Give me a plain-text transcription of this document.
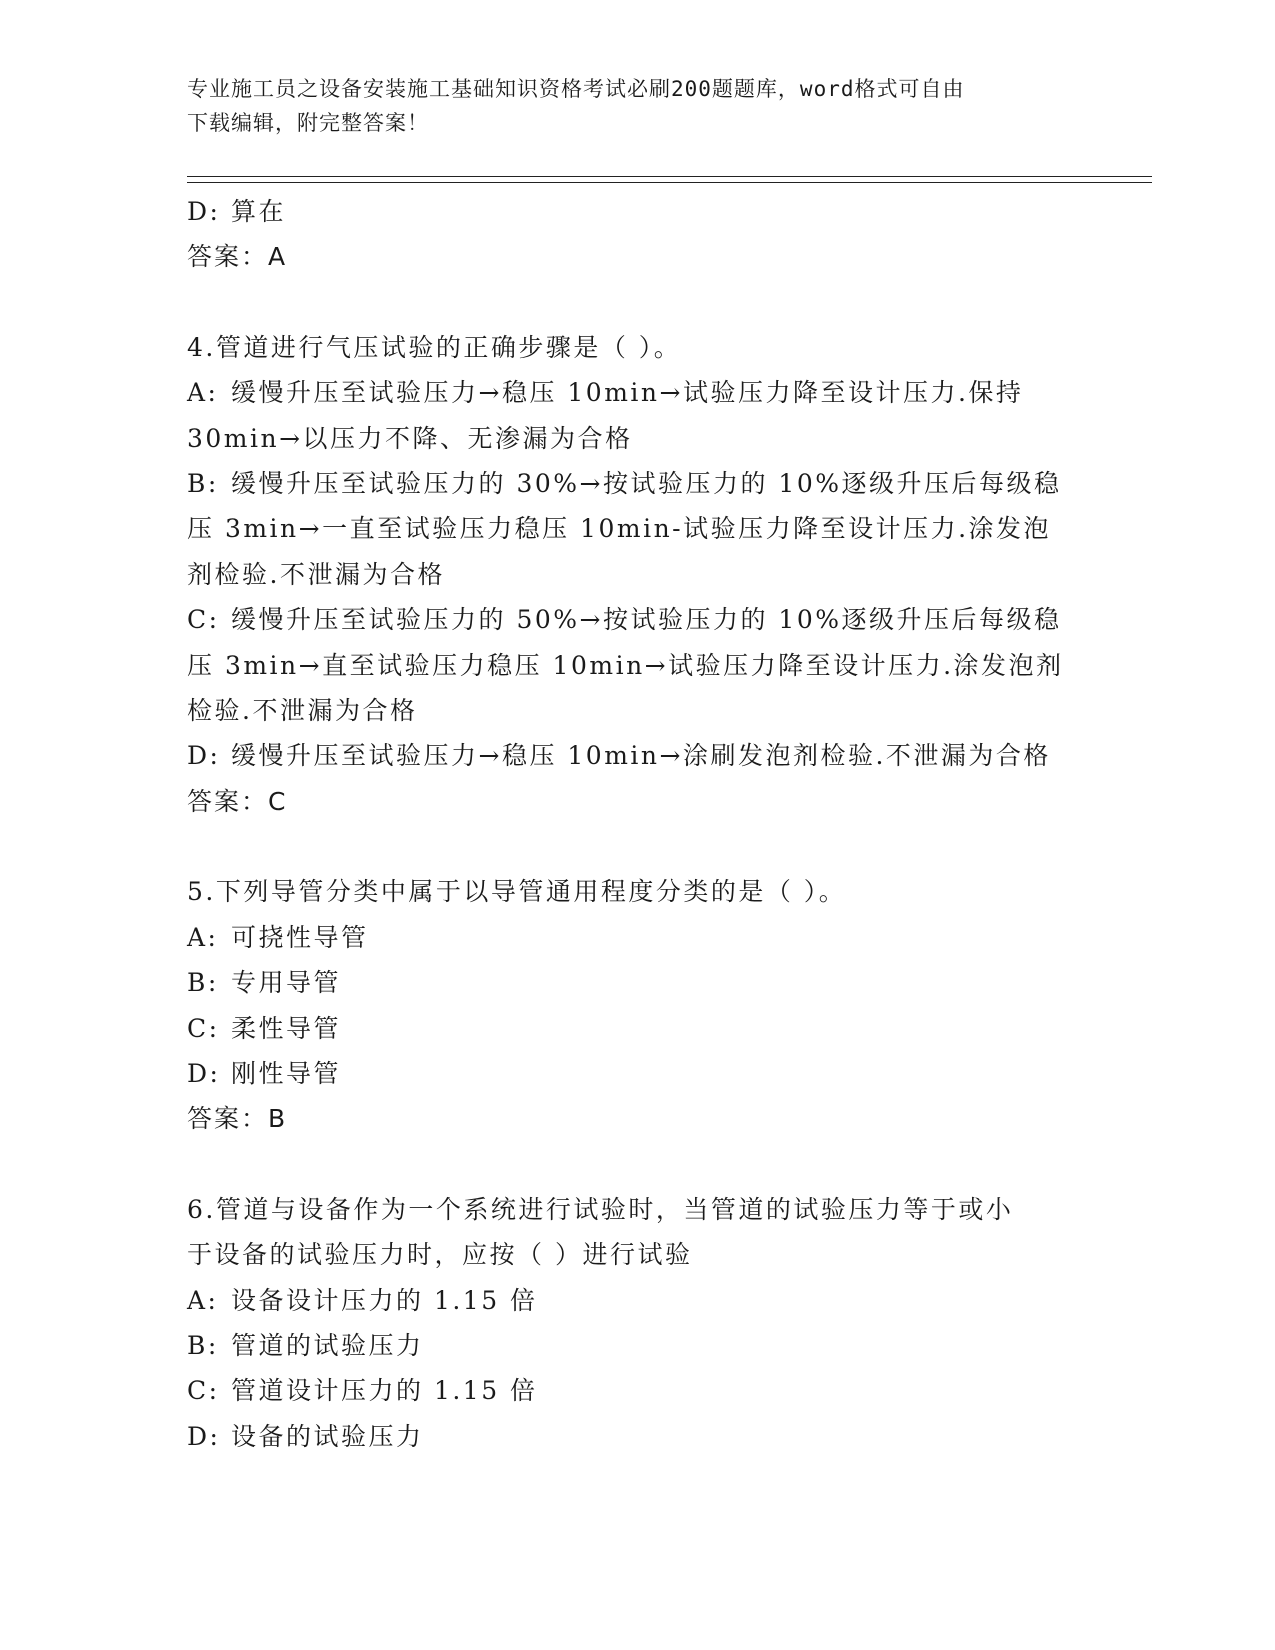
专业施工员之设备安装施工基础知识资格考试必刷200题题库，word格式可自由
下载编辑，附完整答案！
D: 算在
答案：A
4.管道进行气压试验的正确步骤是（ ）。
A: 缓慢升压至试验压力→稳压 10min→试验压力降至设计压力.保持
30min→以压力不降、无渗漏为合格
B: 缓慢升压至试验压力的 30%→按试验压力的 10%逐级升压后每级稳
压 3min→一直至试验压力稳压 10min-试验压力降至设计压力.涂发泡
剂检验.不泄漏为合格
C: 缓慢升压至试验压力的 50%→按试验压力的 10%逐级升压后每级稳
压 3min→直至试验压力稳压 10min→试验压力降至设计压力.涂发泡剂
检验.不泄漏为合格
D: 缓慢升压至试验压力→稳压 10min→涂刷发泡剂检验.不泄漏为合格
答案：C
5.下列导管分类中属于以导管通用程度分类的是（ ）。
A: 可挠性导管
B: 专用导管
C: 柔性导管
D: 刚性导管
答案：B
6.管道与设备作为一个系统进行试验时，当管道的试验压力等于或小
于设备的试验压力时，应按（ ）进行试验
A: 设备设计压力的 1.15 倍
B: 管道的试验压力
C: 管道设计压力的 1.15 倍
D: 设备的试验压力
